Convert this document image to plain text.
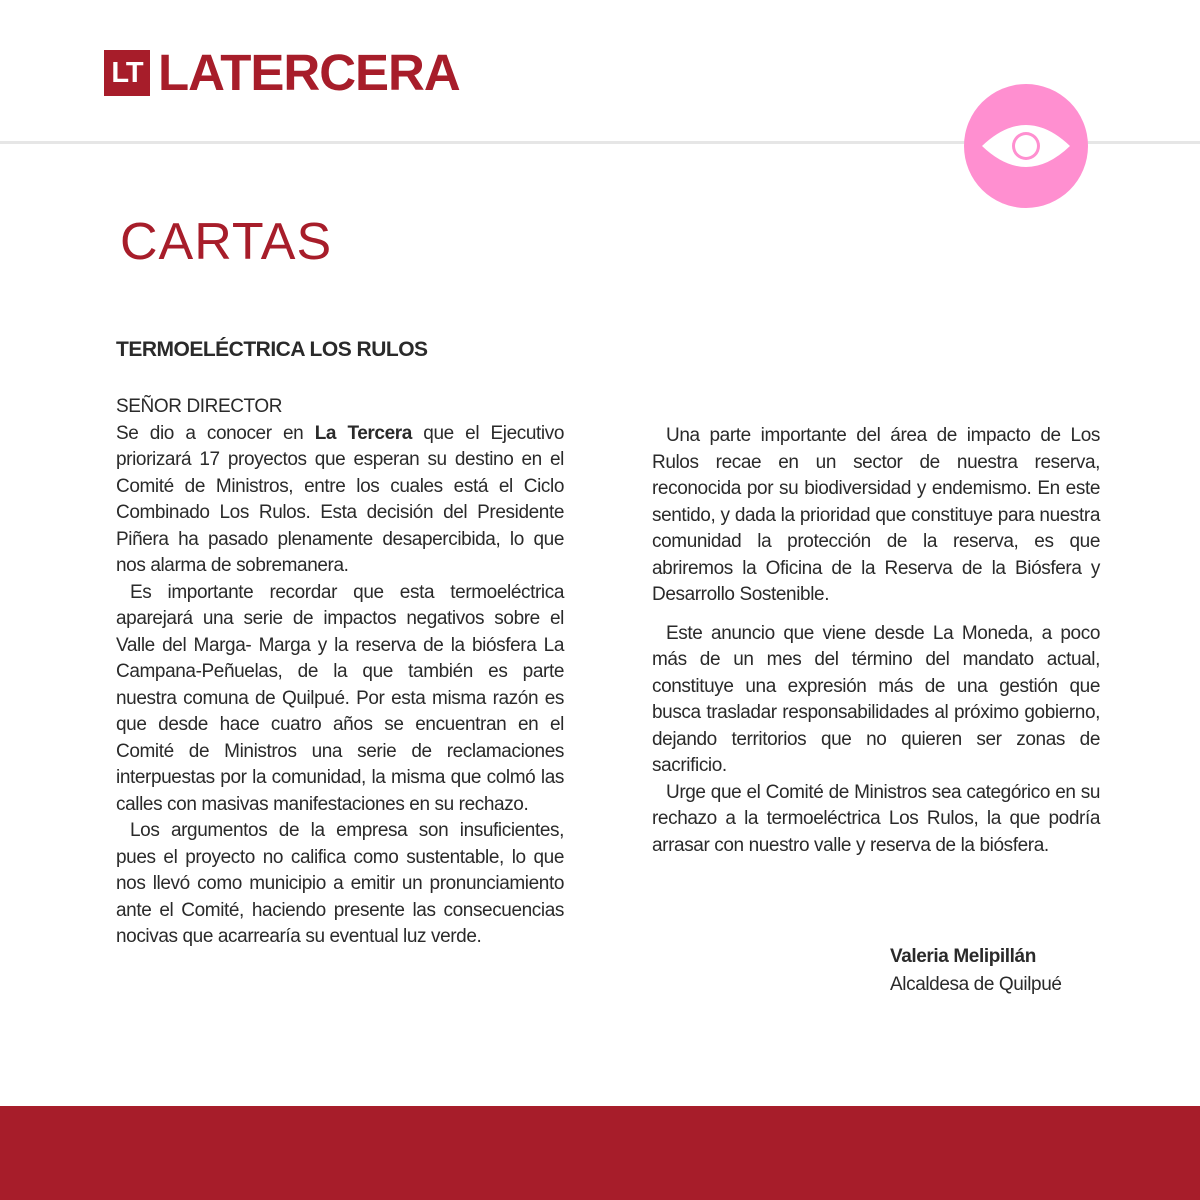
LT LATERCERA
CARTAS
TERMOELÉCTRICA LOS RULOS
SEÑOR DIRECTOR

Se dio a conocer en La Tercera que el Ejecutivo priorizará 17 proyectos que esperan su destino en el Comité de Ministros, entre los cuales está el Ciclo Combinado Los Rulos. Esta decisión del Presidente Piñera ha pasado plenamente desapercibida, lo que nos alarma de sobremanera.

Es importante recordar que esta termoeléctrica aparejará una serie de impactos negativos sobre el Valle del Marga- Marga y la reserva de la biósfera La Campana-Peñuelas, de la que también es parte nuestra comuna de Quilpué. Por esta misma razón es que desde hace cuatro años se encuentran en el Comité de Ministros una serie de reclamaciones interpuestas por la comunidad, la misma que colmó las calles con masivas manifestaciones en su rechazo.

Los argumentos de la empresa son insuficientes, pues el proyecto no califica como sustentable, lo que nos llevó como municipio a emitir un pronunciamiento ante el Comité, haciendo presente las consecuencias nocivas que acarrearía su eventual luz verde.

Una parte importante del área de impacto de Los Rulos recae en un sector de nuestra reserva, reconocida por su biodiversidad y endemismo. En este sentido, y dada la prioridad que constituye para nuestra comunidad la protección de la reserva, es que abriremos la Oficina de la Reserva de la Biósfera y Desarrollo Sostenible.

Este anuncio que viene desde La Moneda, a poco más de un mes del término del mandato actual, constituye una expresión más de una gestión que busca trasladar responsabilidades al próximo gobierno, dejando territorios que no quieren ser zonas de sacrificio.

Urge que el Comité de Ministros sea categórico en su rechazo a la termoeléctrica Los Rulos, la que podría arrasar con nuestro valle y reserva de la biósfera.

Valeria Melipillán
Alcaldesa de Quilpué
